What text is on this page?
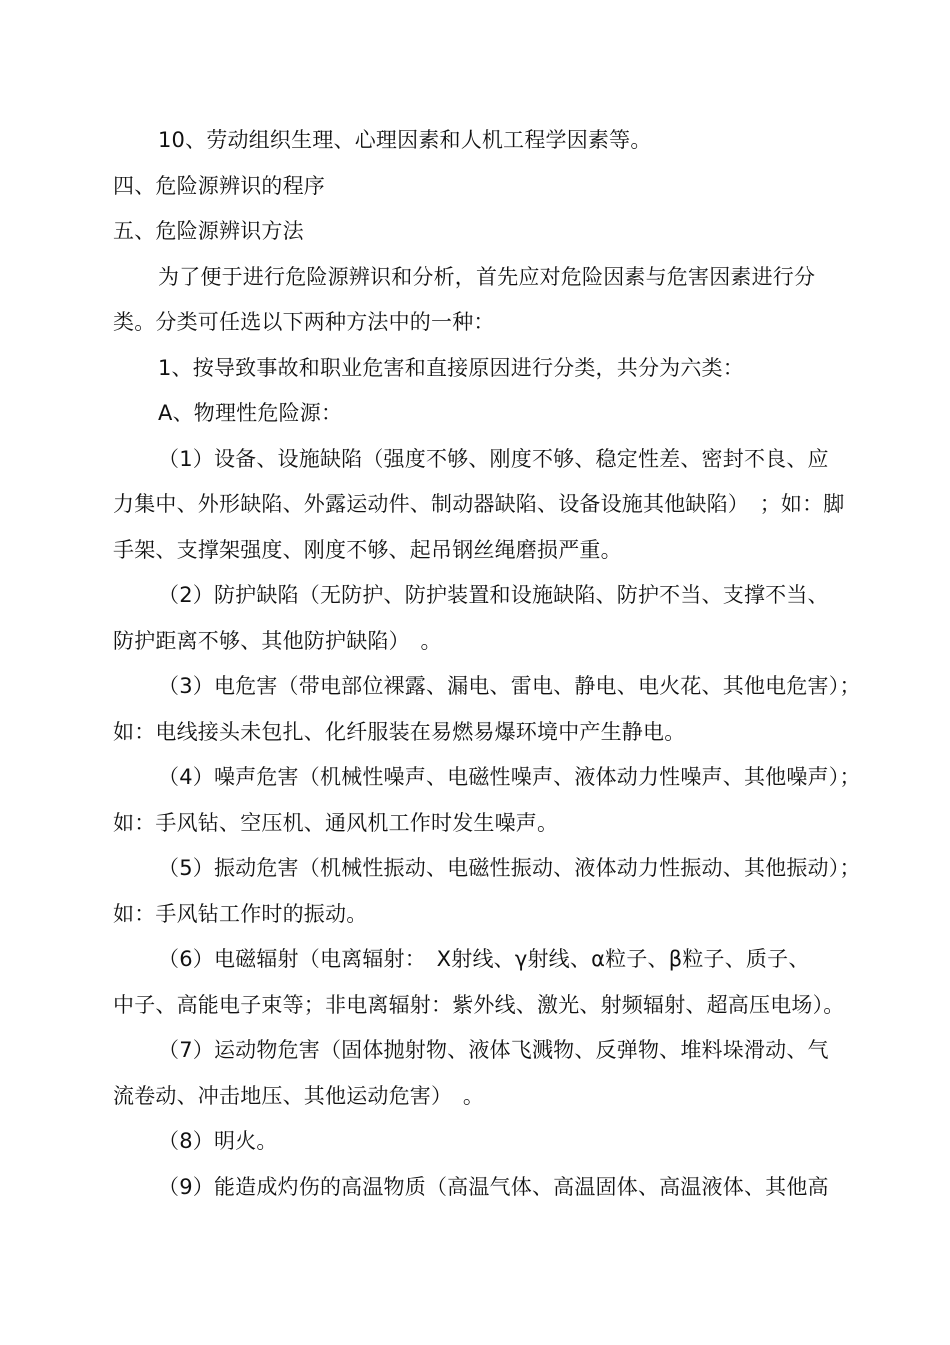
10、劳动组织生理、心理因素和人机工程学因素等。
四、危险源辨识的程序
五、危险源辨识方法
为了便于进行危险源辨识和分析，首先应对危险因素与危害因素进行分
类。分类可任选以下两种方法中的一种：
1、按导致事故和职业危害和直接原因进行分类，共分为六类：
A、物理性危险源：
（1）设备、设施缺陷（强度不够、刚度不够、稳定性差、密封不良、应
力集中、外形缺陷、外露运动件、制动器缺陷、设备设施其他缺陷）　；如：脚
手架、支撑架强度、刚度不够、起吊钢丝绳磨损严重。
（2）防护缺陷（无防护、防护装置和设施缺陷、防护不当、支撑不当、
防护距离不够、其他防护缺陷）　。
（3）电危害（带电部位裸露、漏电、雷电、静电、电火花、其他电危害）；
如：电线接头未包扎、化纤服装在易燃易爆环境中产生静电。
（4）噪声危害（机械性噪声、电磁性噪声、液体动力性噪声、其他噪声）；
如：手风钻、空压机、通风机工作时发生噪声。
（5）振动危害（机械性振动、电磁性振动、液体动力性振动、其他振动）；
如：手风钻工作时的振动。
（6）电磁辐射（电离辐射：　X射线、γ射线、α粒子、β粒子、质子、
中子、高能电子束等；非电离辐射：紫外线、激光、射频辐射、超高压电场）。
（7）运动物危害（固体抛射物、液体飞溅物、反弹物、堆料垛滑动、气
流卷动、冲击地压、其他运动危害）　。
（8）明火。
（9）能造成灼伤的高温物质（高温气体、高温固体、高温液体、其他高
